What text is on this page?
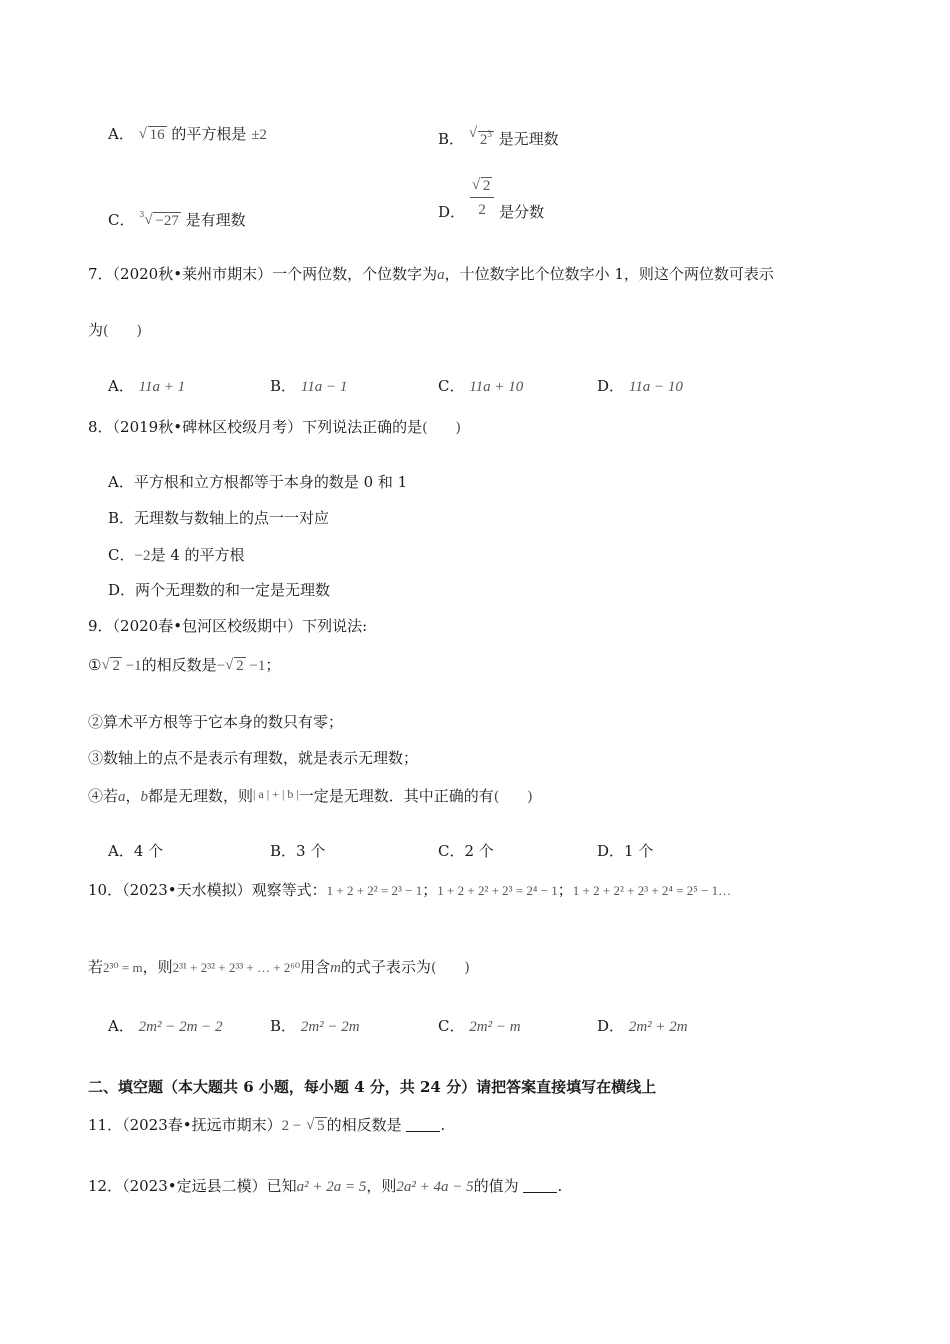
A． √ 16 的平方根是 ±2	B． √ $2^3$ 是无理数
C． $^3$ √ −27 是有理数	D． √ $\frac{2}{2}$ 是分数
7．（2020秋•莱州市期末）一个两位数，个位数字为a，十位数字比个位数字小 1，则这个两位数可表示
为(　　)
A． 11a + 1	B． 11a − 1	C． 11a + 10	D． 11a − 10
8．（2019秋•碑林区校级月考）下列说法正确的是(　　)
A．平方根和立方根都等于本身的数是 0 和 1
B．无理数与数轴上的点一一对应
C．−2是 4 的平方根
D．两个无理数的和一定是无理数
9．（2020春•包河区校级期中）下列说法:
① √ 2 −1的相反数是− √ 2 −1；
②算术平方根等于它本身的数只有零；
③数轴上的点不是表示有理数，就是表示无理数；
④若a，b都是无理数，则$^{| a | + | b |}$一定是无理数．其中正确的有(　　)
A．4 个	B．3 个	C．2 个	D．1 个
10．（2023•天水模拟）观察等式：1 + 2 + 2² = 2³ − 1；1 + 2 + 2² + 2³ = 2⁴ − 1；1 + 2 + 2² + 2³ + 2⁴ = 2⁵ − 1…
若2³⁰ = m，则2³¹ + 2³² + 2³³ + … + 2⁶⁰用含m的式子表示为(　　)
A． 2m² − 2m − 2	B． 2m² − 2m	C． 2m² − m	D． 2m² + 2m
二、填空题（本大题共 6 小题，每小题 4 分，共 24 分）请把答案直接填写在横线上
11．（2023春•抚远市期末）2 − √ 5 的相反数是	.
12．（2023•定远县二模）已知a² + 2a = 5，则2a² + 4a − 5的值为	.
